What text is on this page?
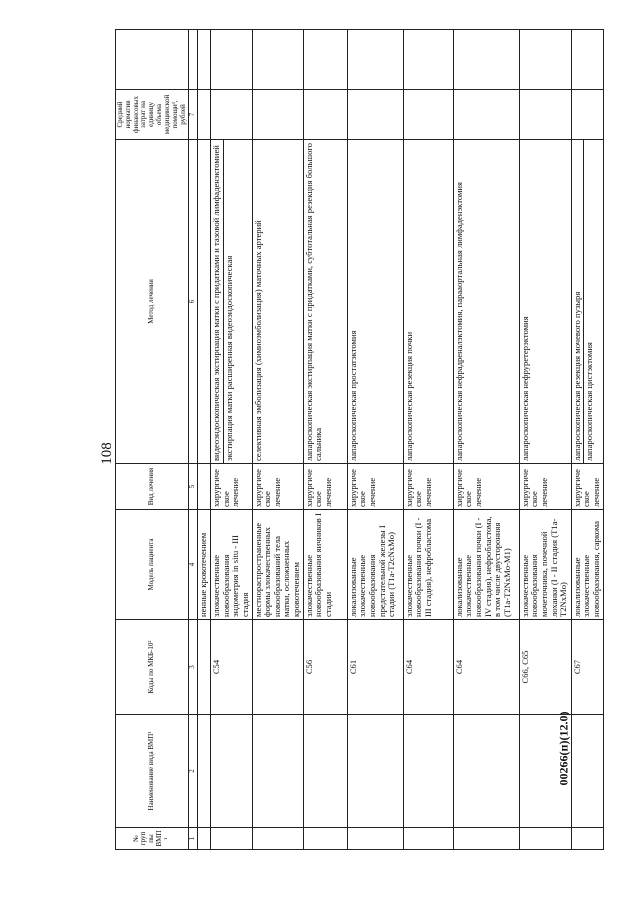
108
00266(п)(12.0)
№ группы ВМП¹	Наименование вида ВМП¹	Коды по МКБ-10²	Модель пациента	Вид лечения	Метод лечения	Средний норматив финансовых затрат на единицу объема медицинской помощи³, рублей	
1	2	3	4	5	6	7	
			ненные кровотечением				
		C54	злокачественные новообразования эндометрия in situ - III стадия	хирургическое лечение	видеоэндоскопическая экстирпация матки с придатками и тазовой лимфаденэктомией экстирпация матки расширенная видеоэндоскопическая		

			местнораспространенные формы злокачественных новообразований тела матки, осложненных кровотечением	хирургическое лечение	селективная эмболизация (химиоэмболизация) маточных артерий		

		C56	злокачественные новообразования яичников I стадии	хирургическое лечение	лапароскопическая экстирпация матки с придатками, субтотальная резекция большого сальника		

		C61	локализованные злокачественные новообразования предстательной железы I стадии (T1a-T2cNxMo)	хирургическое лечение	лапароскопическая простатэктомия		

		C64	злокачественные новообразования почки (I - III стадия), нефробластома	хирургическое лечение	лапароскопическая резекция почки		

		C64	локализованные злокачественные новообразования почки (I - IV стадия), нефробластома, в том числе двусторонняя (T1a-T2NxMo-M1)	хирургическое лечение	лапароскопическая нефрадреналэктомия, парааортальная лимфаденэктомия		

		C66, C65	злокачественные новообразования мочеточника, почечной лоханки (I - II стадия (T1a-T2NxMo)	хирургическое лечение	лапароскопическая нефруретерэктомия		

		C67	локализованные злокачественные новообразования, саркома	хирургическое лечение	лапароскопическая резекция мочевого пузыря лапароскопическая цистэктомия		
